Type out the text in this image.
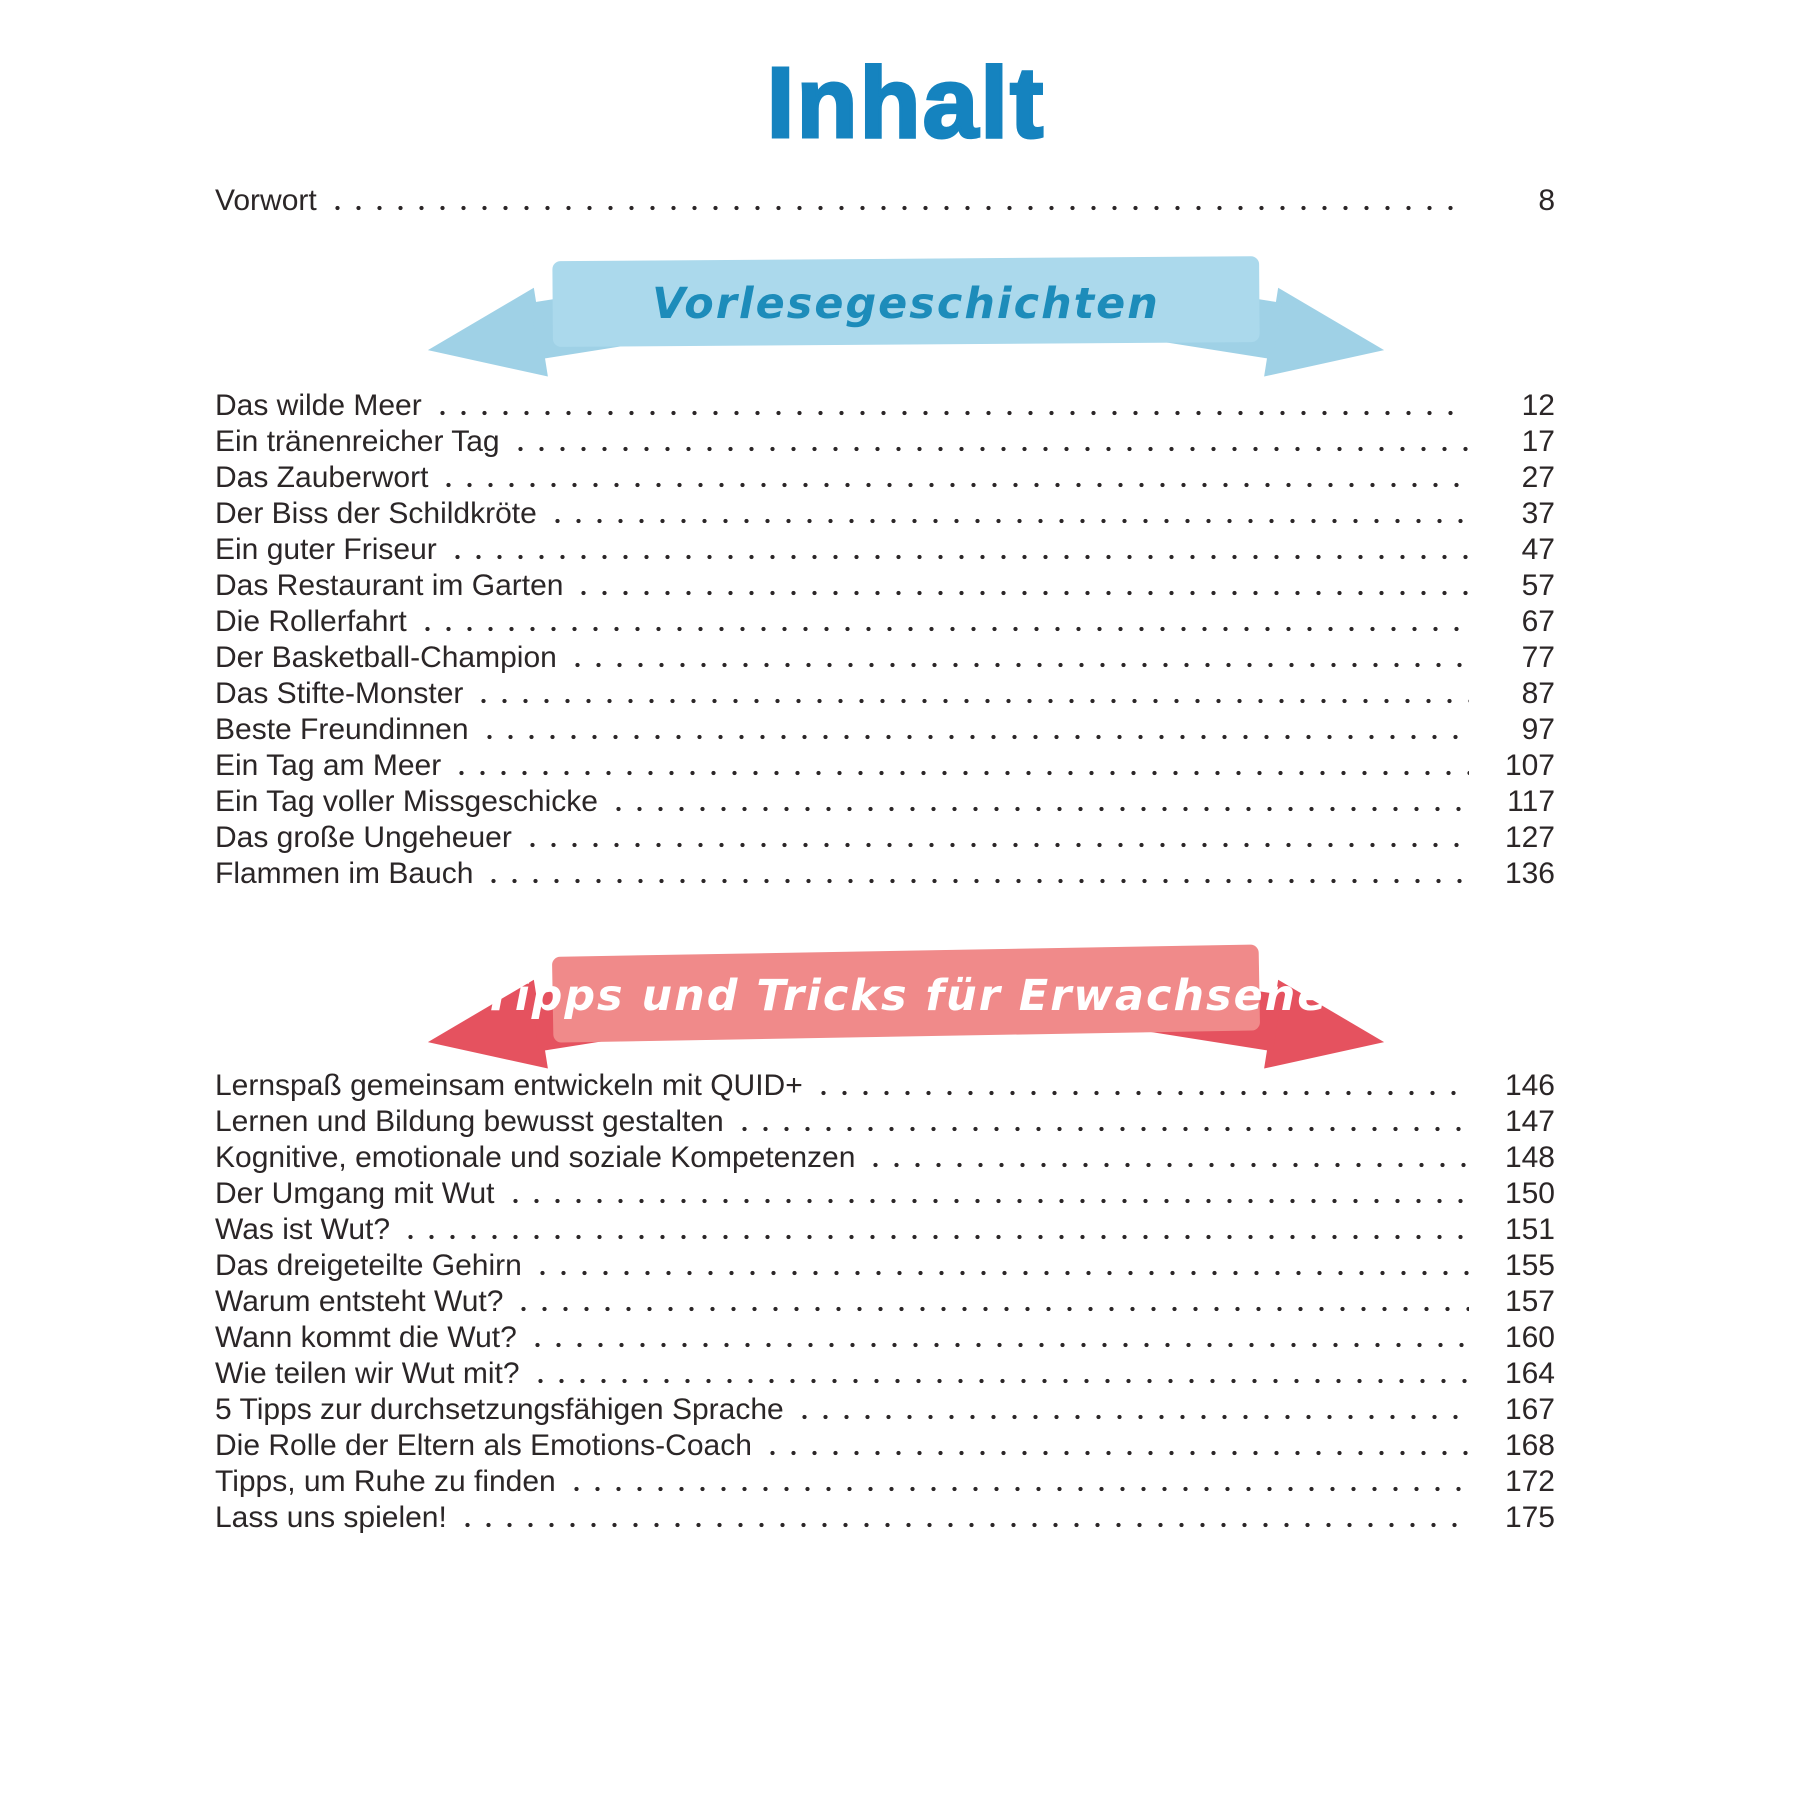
Inhalt
Vorwort	8
Vorlesegeschichten
Das wilde Meer	12
Ein tränenreicher Tag	17
Das Zauberwort	27
Der Biss der Schildkröte	37
Ein guter Friseur	47
Das Restaurant im Garten	57
Die Rollerfahrt	67
Der Basketball-Champion	77
Das Stifte-Monster	87
Beste Freundinnen	97
Ein Tag am Meer	107
Ein Tag voller Missgeschicke	117
Das große Ungeheuer	127
Flammen im Bauch	136
Tipps und Tricks für Erwachsene
Lernspaß gemeinsam entwickeln mit QUID+	146
Lernen und Bildung bewusst gestalten	147
Kognitive, emotionale und soziale Kompetenzen	148
Der Umgang mit Wut	150
Was ist Wut?	151
Das dreigeteilte Gehirn	155
Warum entsteht Wut?	157
Wann kommt die Wut?	160
Wie teilen wir Wut mit?	164
5 Tipps zur durchsetzungsfähigen Sprache	167
Die Rolle der Eltern als Emotions-Coach	168
Tipps, um Ruhe zu finden	172
Lass uns spielen!	175
